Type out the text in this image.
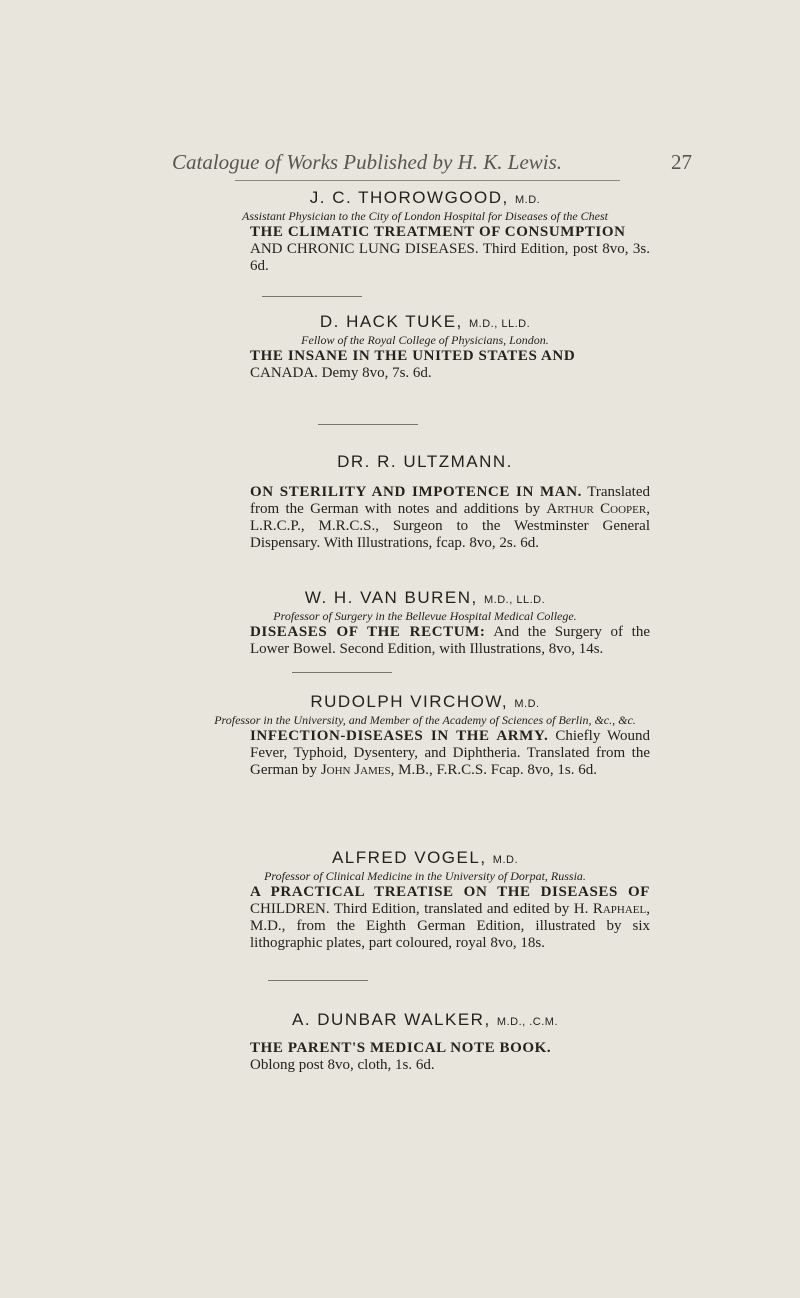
Catalogue of Works Published by H. K. Lewis.	27
J. C. THOROWGOOD, M.D.
Assistant Physician to the City of London Hospital for Diseases of the Chest
THE CLIMATIC TREATMENT OF CONSUMPTION
AND CHRONIC LUNG DISEASES. Third Edition, post 8vo, 3s. 6d.
D. HACK TUKE, M.D., LL.D.
Fellow of the Royal College of Physicians, London.
THE INSANE IN THE UNITED STATES AND
CANADA. Demy 8vo, 7s. 6d.
DR. R. ULTZMANN.
ON STERILITY AND IMPOTENCE IN MAN. Translated from the German with notes and additions by Arthur Cooper, L.R.C.P., M.R.C.S., Surgeon to the Westminster General Dispensary. With Illustrations, fcap. 8vo, 2s. 6d.
W. H. VAN BUREN, M.D., LL.D.
Professor of Surgery in the Bellevue Hospital Medical College.
DISEASES OF THE RECTUM: And the Surgery of the Lower Bowel. Second Edition, with Illustrations, 8vo, 14s.
RUDOLPH VIRCHOW, M.D.
Professor in the University, and Member of the Academy of Sciences of Berlin, &c., &c.
INFECTION-DISEASES IN THE ARMY. Chiefly Wound Fever, Typhoid, Dysentery, and Diphtheria. Translated from the German by John James, M.B., F.R.C.S. Fcap. 8vo, 1s. 6d.
ALFRED VOGEL, M.D.
Professor of Clinical Medicine in the University of Dorpat, Russia.
A PRACTICAL TREATISE ON THE DISEASES OF CHILDREN. Third Edition, translated and edited by H. Raphael, M.D., from the Eighth German Edition, illustrated by six lithographic plates, part coloured, royal 8vo, 18s.
A. DUNBAR WALKER, M.D., .C.M.
THE PARENT'S MEDICAL NOTE BOOK.
Oblong post 8vo, cloth, 1s. 6d.
